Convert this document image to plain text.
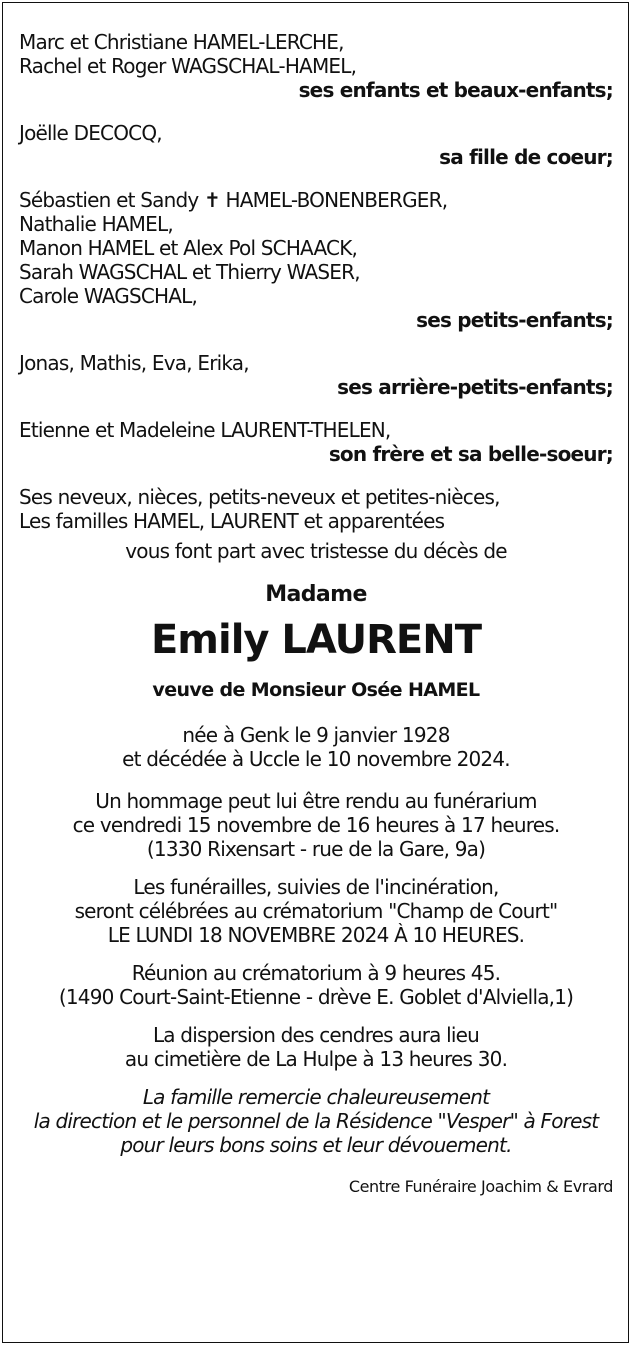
Marc et Christiane HAMEL-LERCHE,
Rachel et Roger WAGSCHAL-HAMEL,
ses enfants et beaux-enfants;
Joëlle DECOCQ,
sa fille de coeur;
Sébastien et Sandy ✝ HAMEL-BONENBERGER,
Nathalie HAMEL,
Manon HAMEL et Alex Pol SCHAACK,
Sarah WAGSCHAL et Thierry WASER,
Carole WAGSCHAL,
ses petits-enfants;
Jonas, Mathis, Eva, Erika,
ses arrière-petits-enfants;
Etienne et Madeleine LAURENT-THELEN,
son frère et sa belle-soeur;
Ses neveux, nièces, petits-neveux et petites-nièces,
Les familles HAMEL, LAURENT et apparentées
vous font part avec tristesse du décès de
Madame
Emily LAURENT
veuve de Monsieur Osée HAMEL
née à Genk le 9 janvier 1928
et décédée à Uccle le 10 novembre 2024.
Un hommage peut lui être rendu au funérarium
ce vendredi 15 novembre de 16 heures à 17 heures.
(1330 Rixensart - rue de la Gare, 9a)
Les funérailles, suivies de l'incinération,
seront célébrées au crématorium "Champ de Court"
LE LUNDI 18 NOVEMBRE 2024 À 10 HEURES.
Réunion au crématorium à 9 heures 45.
(1490 Court-Saint-Etienne - drève E. Goblet d'Alviella,1)
La dispersion des cendres aura lieu
au cimetière de La Hulpe à 13 heures 30.
La famille remercie chaleureusement
la direction et le personnel de la Résidence "Vesper" à Forest
pour leurs bons soins et leur dévouement.
Centre Funéraire Joachim & Evrard
